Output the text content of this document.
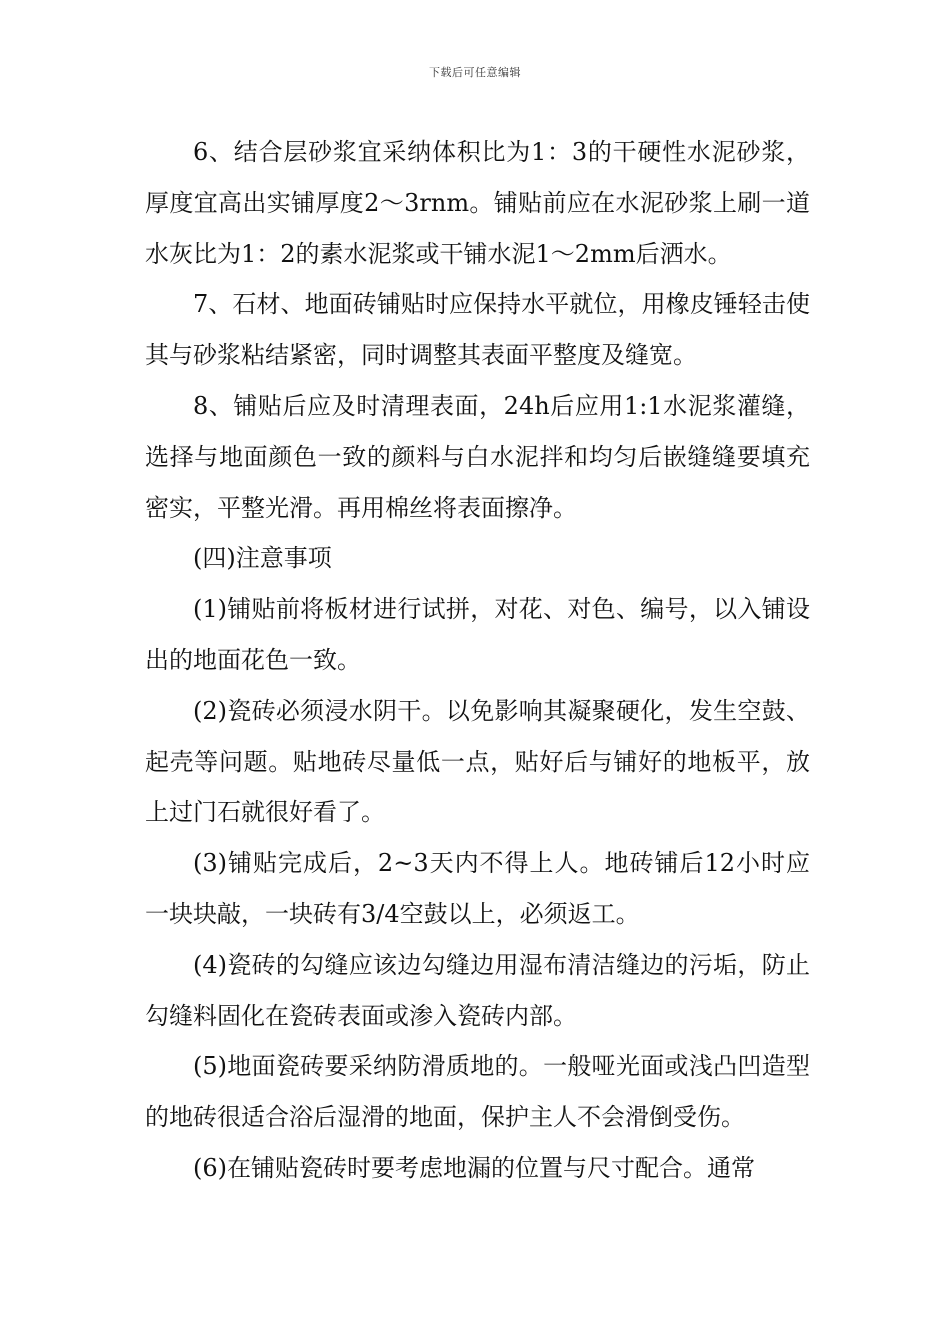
下载后可任意编辑

6、结合层砂浆宜采纳体积比为1：3的干硬性水泥砂浆，厚度宜高出实铺厚度2～3rnm。铺贴前应在水泥砂浆上刷一道水灰比为1：2的素水泥浆或干铺水泥1～2mm后洒水。

7、石材、地面砖铺贴时应保持水平就位，用橡皮锤轻击使其与砂浆粘结紧密，同时调整其表面平整度及缝宽。

8、铺贴后应及时清理表面，24h后应用1:1水泥浆灌缝，选择与地面颜色一致的颜料与白水泥拌和均匀后嵌缝缝要填充密实，平整光滑。再用棉丝将表面擦净。

(四)注意事项

(1)铺贴前将板材进行试拼，对花、对色、编号，以入铺设出的地面花色一致。

(2)瓷砖必须浸水阴干。以免影响其凝聚硬化，发生空鼓、起壳等问题。贴地砖尽量低一点，贴好后与铺好的地板平，放上过门石就很好看了。

(3)铺贴完成后，2~3天内不得上人。地砖铺后12小时应一块块敲，一块砖有3/4空鼓以上，必须返工。

(4)瓷砖的勾缝应该边勾缝边用湿布清洁缝边的污垢，防止勾缝料固化在瓷砖表面或渗入瓷砖内部。

(5)地面瓷砖要采纳防滑质地的。一般哑光面或浅凸凹造型的地砖很适合浴后湿滑的地面，保护主人不会滑倒受伤。

(6)在铺贴瓷砖时要考虑地漏的位置与尺寸配合。通常
